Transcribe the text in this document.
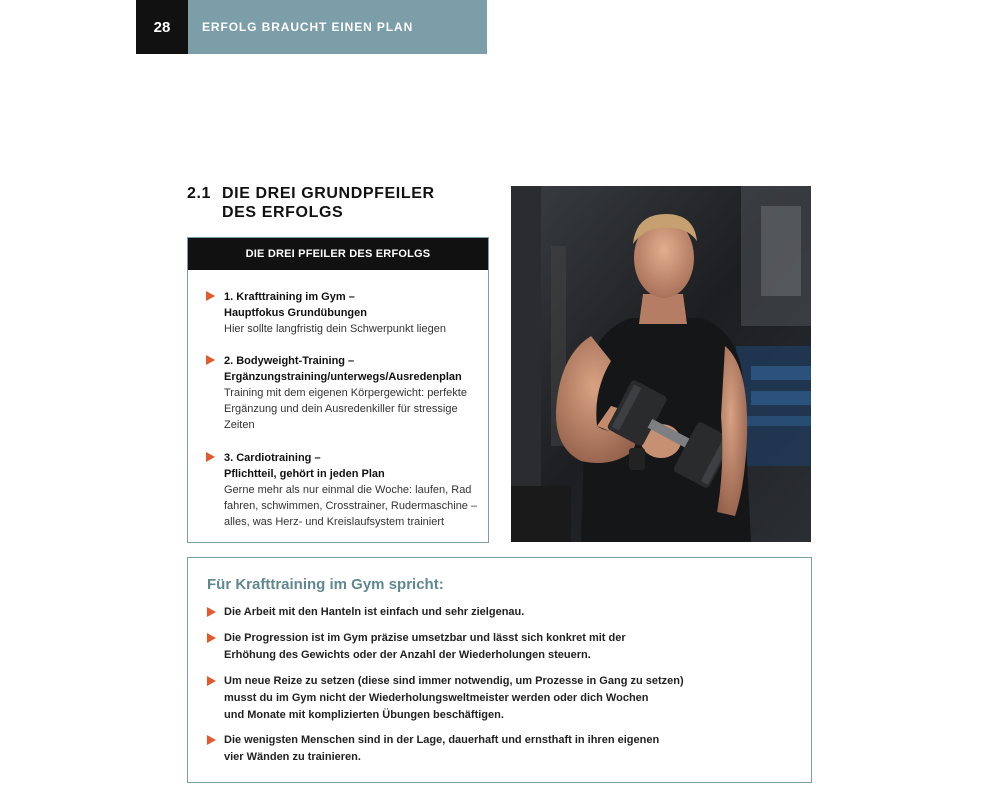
28	ERFOLG BRAUCHT EINEN PLAN
2.1 DIE DREI GRUNDPFEILER
DES ERFOLGS
DIE DREI PFEILER DES ERFOLGS
1. Krafttraining im Gym –
Hauptfokus Grundübungen
Hier sollte langfristig dein Schwerpunkt liegen
2. Bodyweight-Training –
Ergänzungstraining/unterwegs/Ausredenplan
Training mit dem eigenen Körpergewicht: perfekte Ergänzung und dein Ausredenkiller für stressige Zeiten
3. Cardiotraining –
Pflichtteil, gehört in jeden Plan
Gerne mehr als nur einmal die Woche: laufen, Rad fahren, schwimmen, Crosstrainer, Rudermaschine – alles, was Herz- und Kreislaufsystem trainiert
Für Krafttraining im Gym spricht:
Die Arbeit mit den Hanteln ist einfach und sehr zielgenau.
Die Progression ist im Gym präzise umsetzbar und lässt sich konkret mit der
Erhöhung des Gewichts oder der Anzahl der Wiederholungen steuern.
Um neue Reize zu setzen (diese sind immer notwendig, um Prozesse in Gang zu setzen)
musst du im Gym nicht der Wiederholungsweltmeister werden oder dich Wochen
und Monate mit komplizierten Übungen beschäftigen.
Die wenigsten Menschen sind in der Lage, dauerhaft und ernsthaft in ihren eigenen
vier Wänden zu trainieren.
